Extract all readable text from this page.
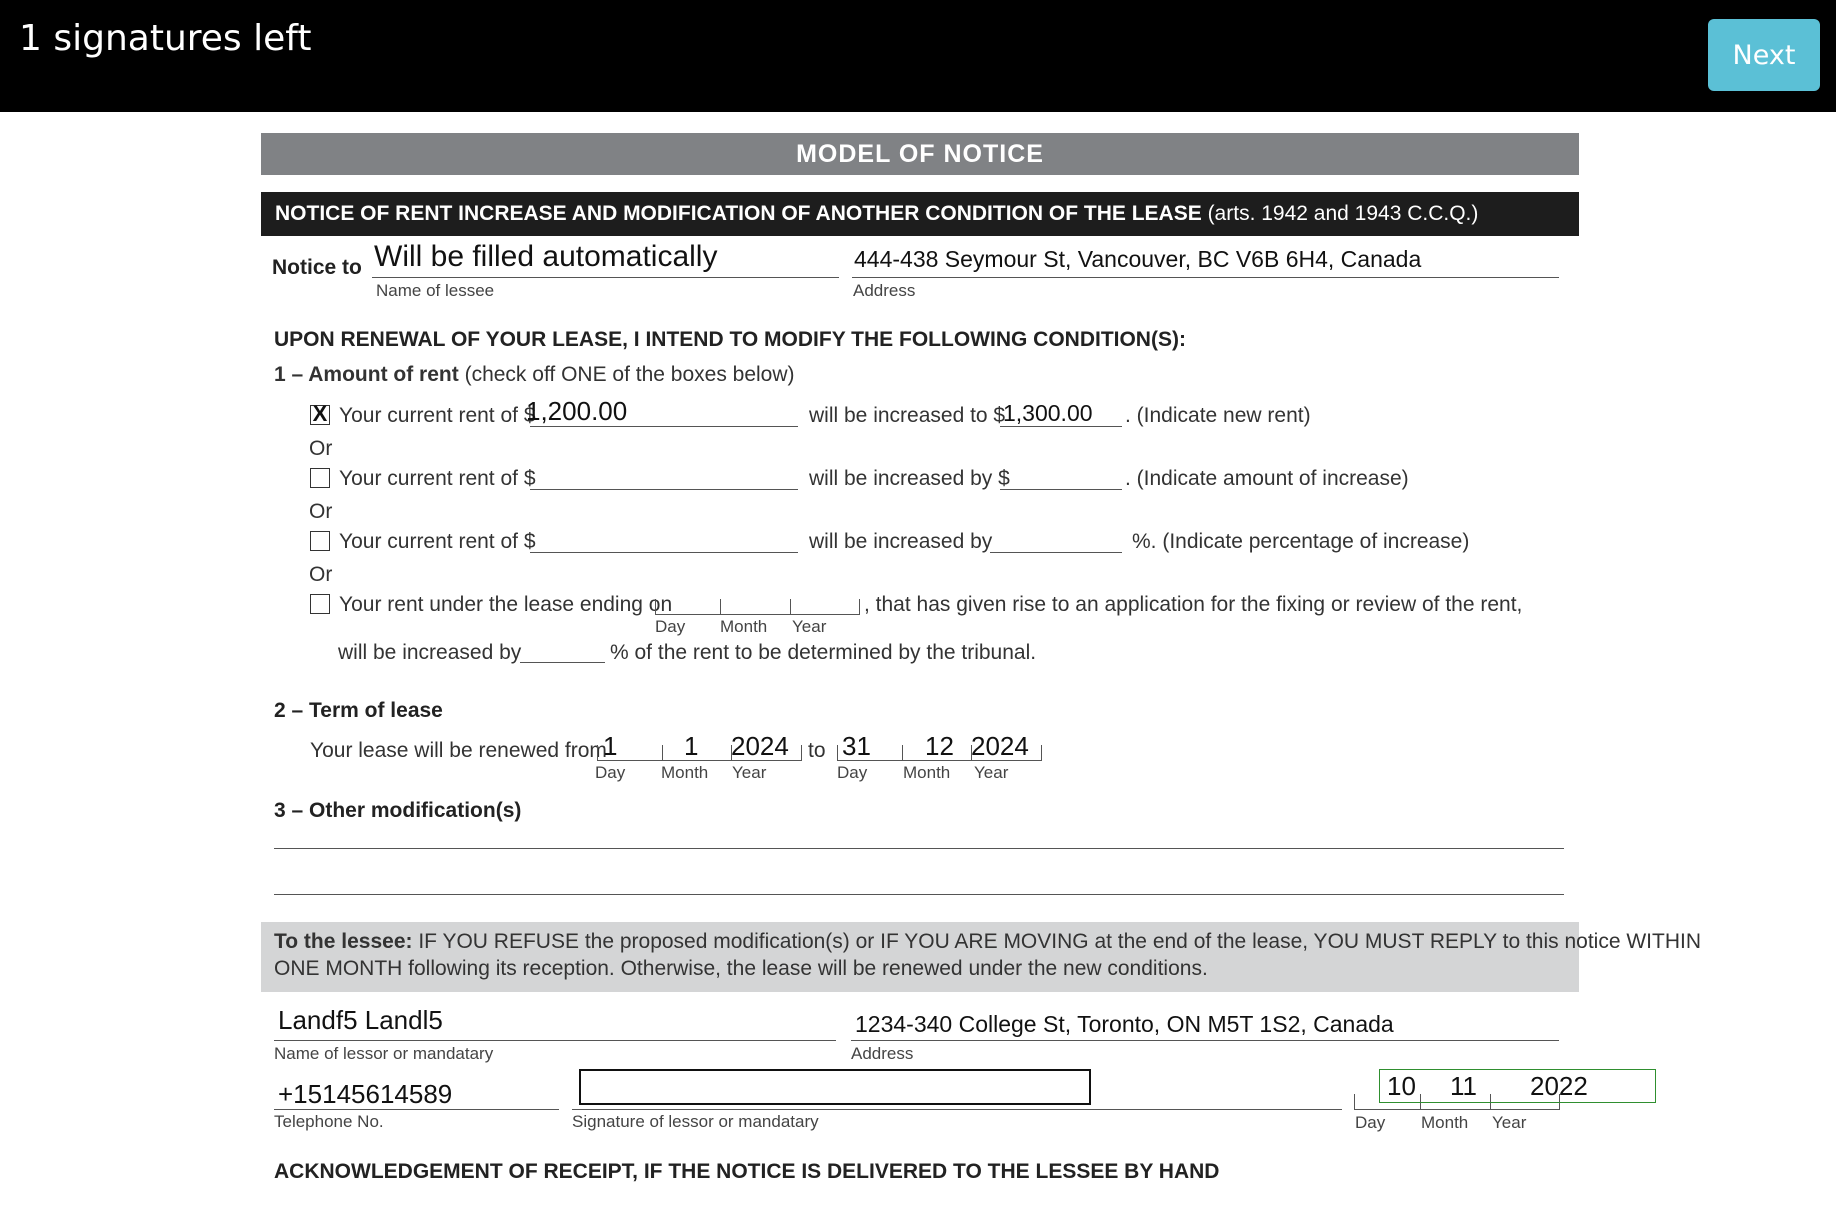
1 signatures left	Next
MODEL OF NOTICE
NOTICE OF RENT INCREASE AND MODIFICATION OF ANOTHER CONDITION OF THE LEASE (arts. 1942 and 1943 C.C.Q.)
Notice to Will be filled automatically
Name of lessee
444-438 Seymour St, Vancouver, BC V6B 6H4, Canada
Address
UPON RENEWAL OF YOUR LEASE, I INTEND TO MODIFY THE FOLLOWING CONDITION(S):
1 – Amount of rent (check off ONE of the boxes below)
X Your current rent of $
1,200.00	will be increased to $
1,300.00 . (Indicate new rent)
Or
Your current rent of $	will be increased by $	. (Indicate amount of increase)
Or
Your current rent of $	will be increased by	%. (Indicate percentage of increase)
Or
Your rent under the lease ending on	, that has given rise to an application for the fixing or review of the rent,
Day Month Year
will be increased by	% of the rent to be determined by the tribunal.
2 – Term of lease
Your lease will be renewed from
1	1 2024 to 31 12 2024
Day Month Year	Day Month Year
3 – Other modification(s)
To the lessee: IF YOU REFUSE the proposed modification(s) or IF YOU ARE MOVING at the end of the lease, YOU MUST REPLY to this notice WITHIN
ONE MONTH following its reception. Otherwise, the lease will be renewed under the new conditions.
Landf5 Landl5
Name of lessor or mandatary
1234-340 College St, Toronto, ON M5T 1S2, Canada
Address
+15145614589
Telephone No.	Signature of lessor or mandatary
10 11 2022
Day Month Year
ACKNOWLEDGEMENT OF RECEIPT, IF THE NOTICE IS DELIVERED TO THE LESSEE BY HAND
